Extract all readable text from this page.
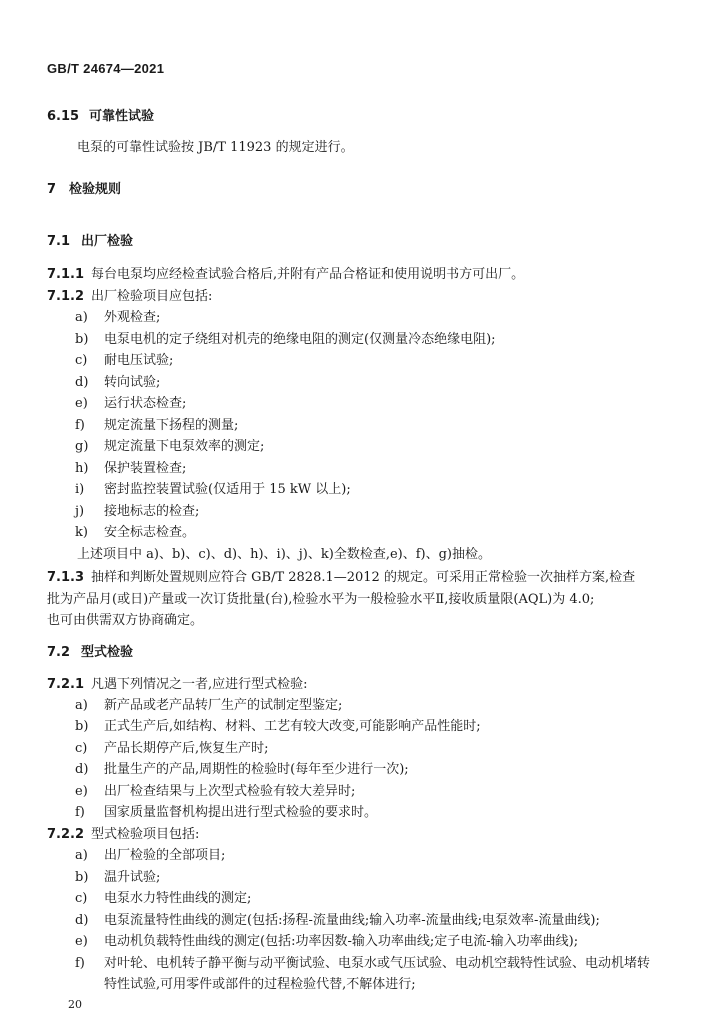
GB/T 24674—2021
6.15 可靠性试验
电泵的可靠性试验按 JB/T 11923 的规定进行。
7 检验规则
7.1 出厂检验
7.1.1 每台电泵均应经检查试验合格后,并附有产品合格证和使用说明书方可出厂。
7.1.2 出厂检验项目应包括:
a) 外观检查;
b) 电泵电机的定子绕组对机壳的绝缘电阻的测定(仅测量冷态绝缘电阻);
c) 耐电压试验;
d) 转向试验;
e) 运行状态检查;
f) 规定流量下扬程的测量;
g) 规定流量下电泵效率的测定;
h) 保护装置检查;
i) 密封监控装置试验(仅适用于 15 kW 以上);
j) 接地标志的检查;
k) 安全标志检查。
上述项目中 a)、b)、c)、d)、h)、i)、j)、k)全数检查,e)、f)、g)抽检。
7.1.3 抽样和判断处置规则应符合 GB/T 2828.1—2012 的规定。可采用正常检验一次抽样方案,检查
批为产品月(或日)产量或一次订货批量(台),检验水平为一般检验水平Ⅱ,接收质量限(AQL)为 4.0;
也可由供需双方协商确定。
7.2 型式检验
7.2.1 凡遇下列情况之一者,应进行型式检验:
a) 新产品或老产品转厂生产的试制定型鉴定;
b) 正式生产后,如结构、材料、工艺有较大改变,可能影响产品性能时;
c) 产品长期停产后,恢复生产时;
d) 批量生产的产品,周期性的检验时(每年至少进行一次);
e) 出厂检查结果与上次型式检验有较大差异时;
f) 国家质量监督机构提出进行型式检验的要求时。
7.2.2 型式检验项目包括:
a) 出厂检验的全部项目;
b) 温升试验;
c) 电泵水力特性曲线的测定;
d) 电泵流量特性曲线的测定(包括:扬程-流量曲线;输入功率-流量曲线;电泵效率-流量曲线);
e) 电动机负载特性曲线的测定(包括:功率因数-输入功率曲线;定子电流-输入功率曲线);
f) 对叶轮、电机转子静平衡与动平衡试验、电泵水或气压试验、电动机空载特性试验、电动机堵转
特性试验,可用零件或部件的过程检验代替,不解体进行;
20
